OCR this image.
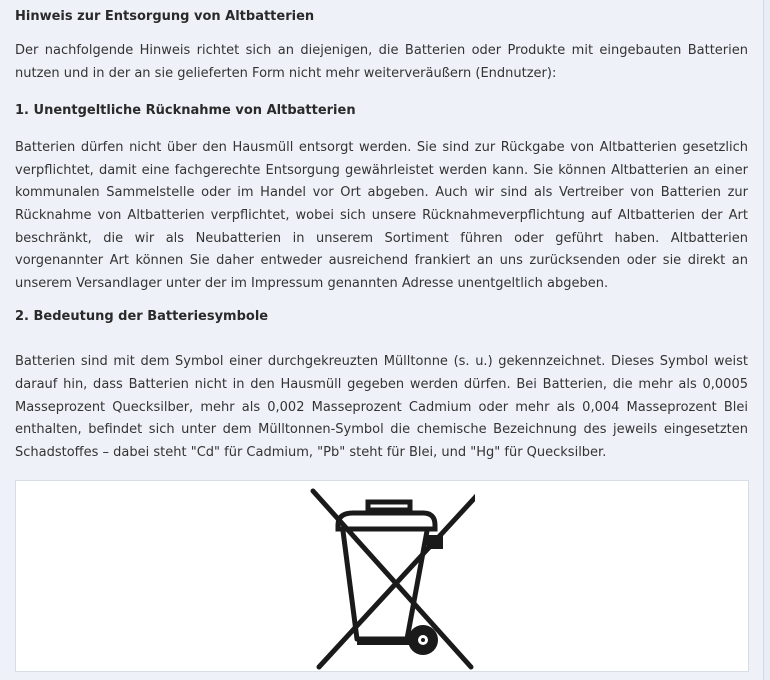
Hinweis zur Entsorgung von Altbatterien

Der nachfolgende Hinweis richtet sich an diejenigen, die Batterien oder Produkte mit eingebauten Batterien nutzen und in der an sie gelieferten Form nicht mehr weiterveräußern (Endnutzer):

1. Unentgeltliche Rücknahme von Altbatterien

Batterien dürfen nicht über den Hausmüll entsorgt werden. Sie sind zur Rückgabe von Altbatterien gesetzlich verpflichtet, damit eine fachgerechte Entsorgung gewährleistet werden kann. Sie können Altbatterien an einer kommunalen Sammelstelle oder im Handel vor Ort abgeben. Auch wir sind als Vertreiber von Batterien zur Rücknahme von Altbatterien verpflichtet, wobei sich unsere Rücknahmeverpflichtung auf Altbatterien der Art beschränkt, die wir als Neubatterien in unserem Sortiment führen oder geführt haben. Altbatterien vorgenannter Art können Sie daher entweder ausreichend frankiert an uns zurücksenden oder sie direkt an unserem Versandlager unter der im Impressum genannten Adresse unentgeltlich abgeben.

2. Bedeutung der Batteriesymbole

Batterien sind mit dem Symbol einer durchgekreuzten Mülltonne (s. u.) gekennzeichnet. Dieses Symbol weist darauf hin, dass Batterien nicht in den Hausmüll gegeben werden dürfen. Bei Batterien, die mehr als 0,0005 Masseprozent Quecksilber, mehr als 0,002 Masseprozent Cadmium oder mehr als 0,004 Masseprozent Blei enthalten, befindet sich unter dem Mülltonnen-Symbol die chemische Bezeichnung des jeweils eingesetzten Schadstoffes – dabei steht "Cd" für Cadmium, "Pb" steht für Blei, und "Hg" für Quecksilber.
